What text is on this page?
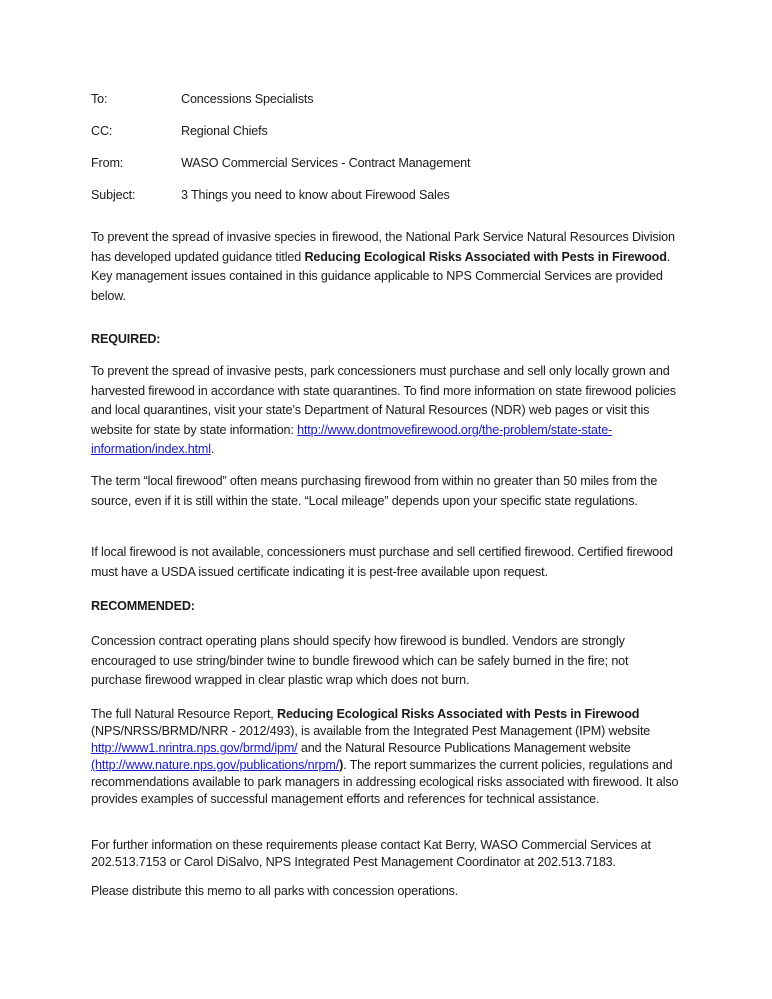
To:	Concessions Specialists
CC:	Regional Chiefs
From:	WASO Commercial Services - Contract Management
Subject:	3 Things you need to know about Firewood Sales

To prevent the spread of invasive species in firewood, the National Park Service Natural Resources Division has developed updated guidance titled Reducing Ecological Risks Associated with Pests in Firewood. Key management issues contained in this guidance applicable to NPS Commercial Services are provided below.

REQUIRED:

To prevent the spread of invasive pests, park concessioners must purchase and sell only locally grown and harvested firewood in accordance with state quarantines. To find more information on state firewood policies and local quarantines, visit your state’s Department of Natural Resources (NDR) web pages or visit this website for state by state information: http://www.dontmovefirewood.org/the-problem/state-state-information/index.html.

The term “local firewood” often means purchasing firewood from within no greater than 50 miles from the source, even if it is still within the state. “Local mileage” depends upon your specific state regulations.
If local firewood is not available, concessioners must purchase and sell certified firewood. Certified firewood must have a USDA issued certificate indicating it is pest-free available upon request.
RECOMMENDED:
Concession contract operating plans should specify how firewood is bundled. Vendors are strongly encouraged to use string/binder twine to bundle firewood which can be safely burned in the fire; not purchase firewood wrapped in clear plastic wrap which does not burn.

The full Natural Resource Report, Reducing Ecological Risks Associated with Pests in Firewood (NPS/NRSS/BRMD/NRR - 2012/493), is available from the Integrated Pest Management (IPM) website http://www1.nrintra.nps.gov/brmd/ipm/ and the Natural Resource Publications Management website (http://www.nature.nps.gov/publications/nrpm/). The report summarizes the current policies, regulations and recommendations available to park managers in addressing ecological risks associated with firewood. It also provides examples of successful management efforts and references for technical assistance.

For further information on these requirements please contact Kat Berry, WASO Commercial Services at 202.513.7153 or Carol DiSalvo, NPS Integrated Pest Management Coordinator at 202.513.7183.
Please distribute this memo to all parks with concession operations.
